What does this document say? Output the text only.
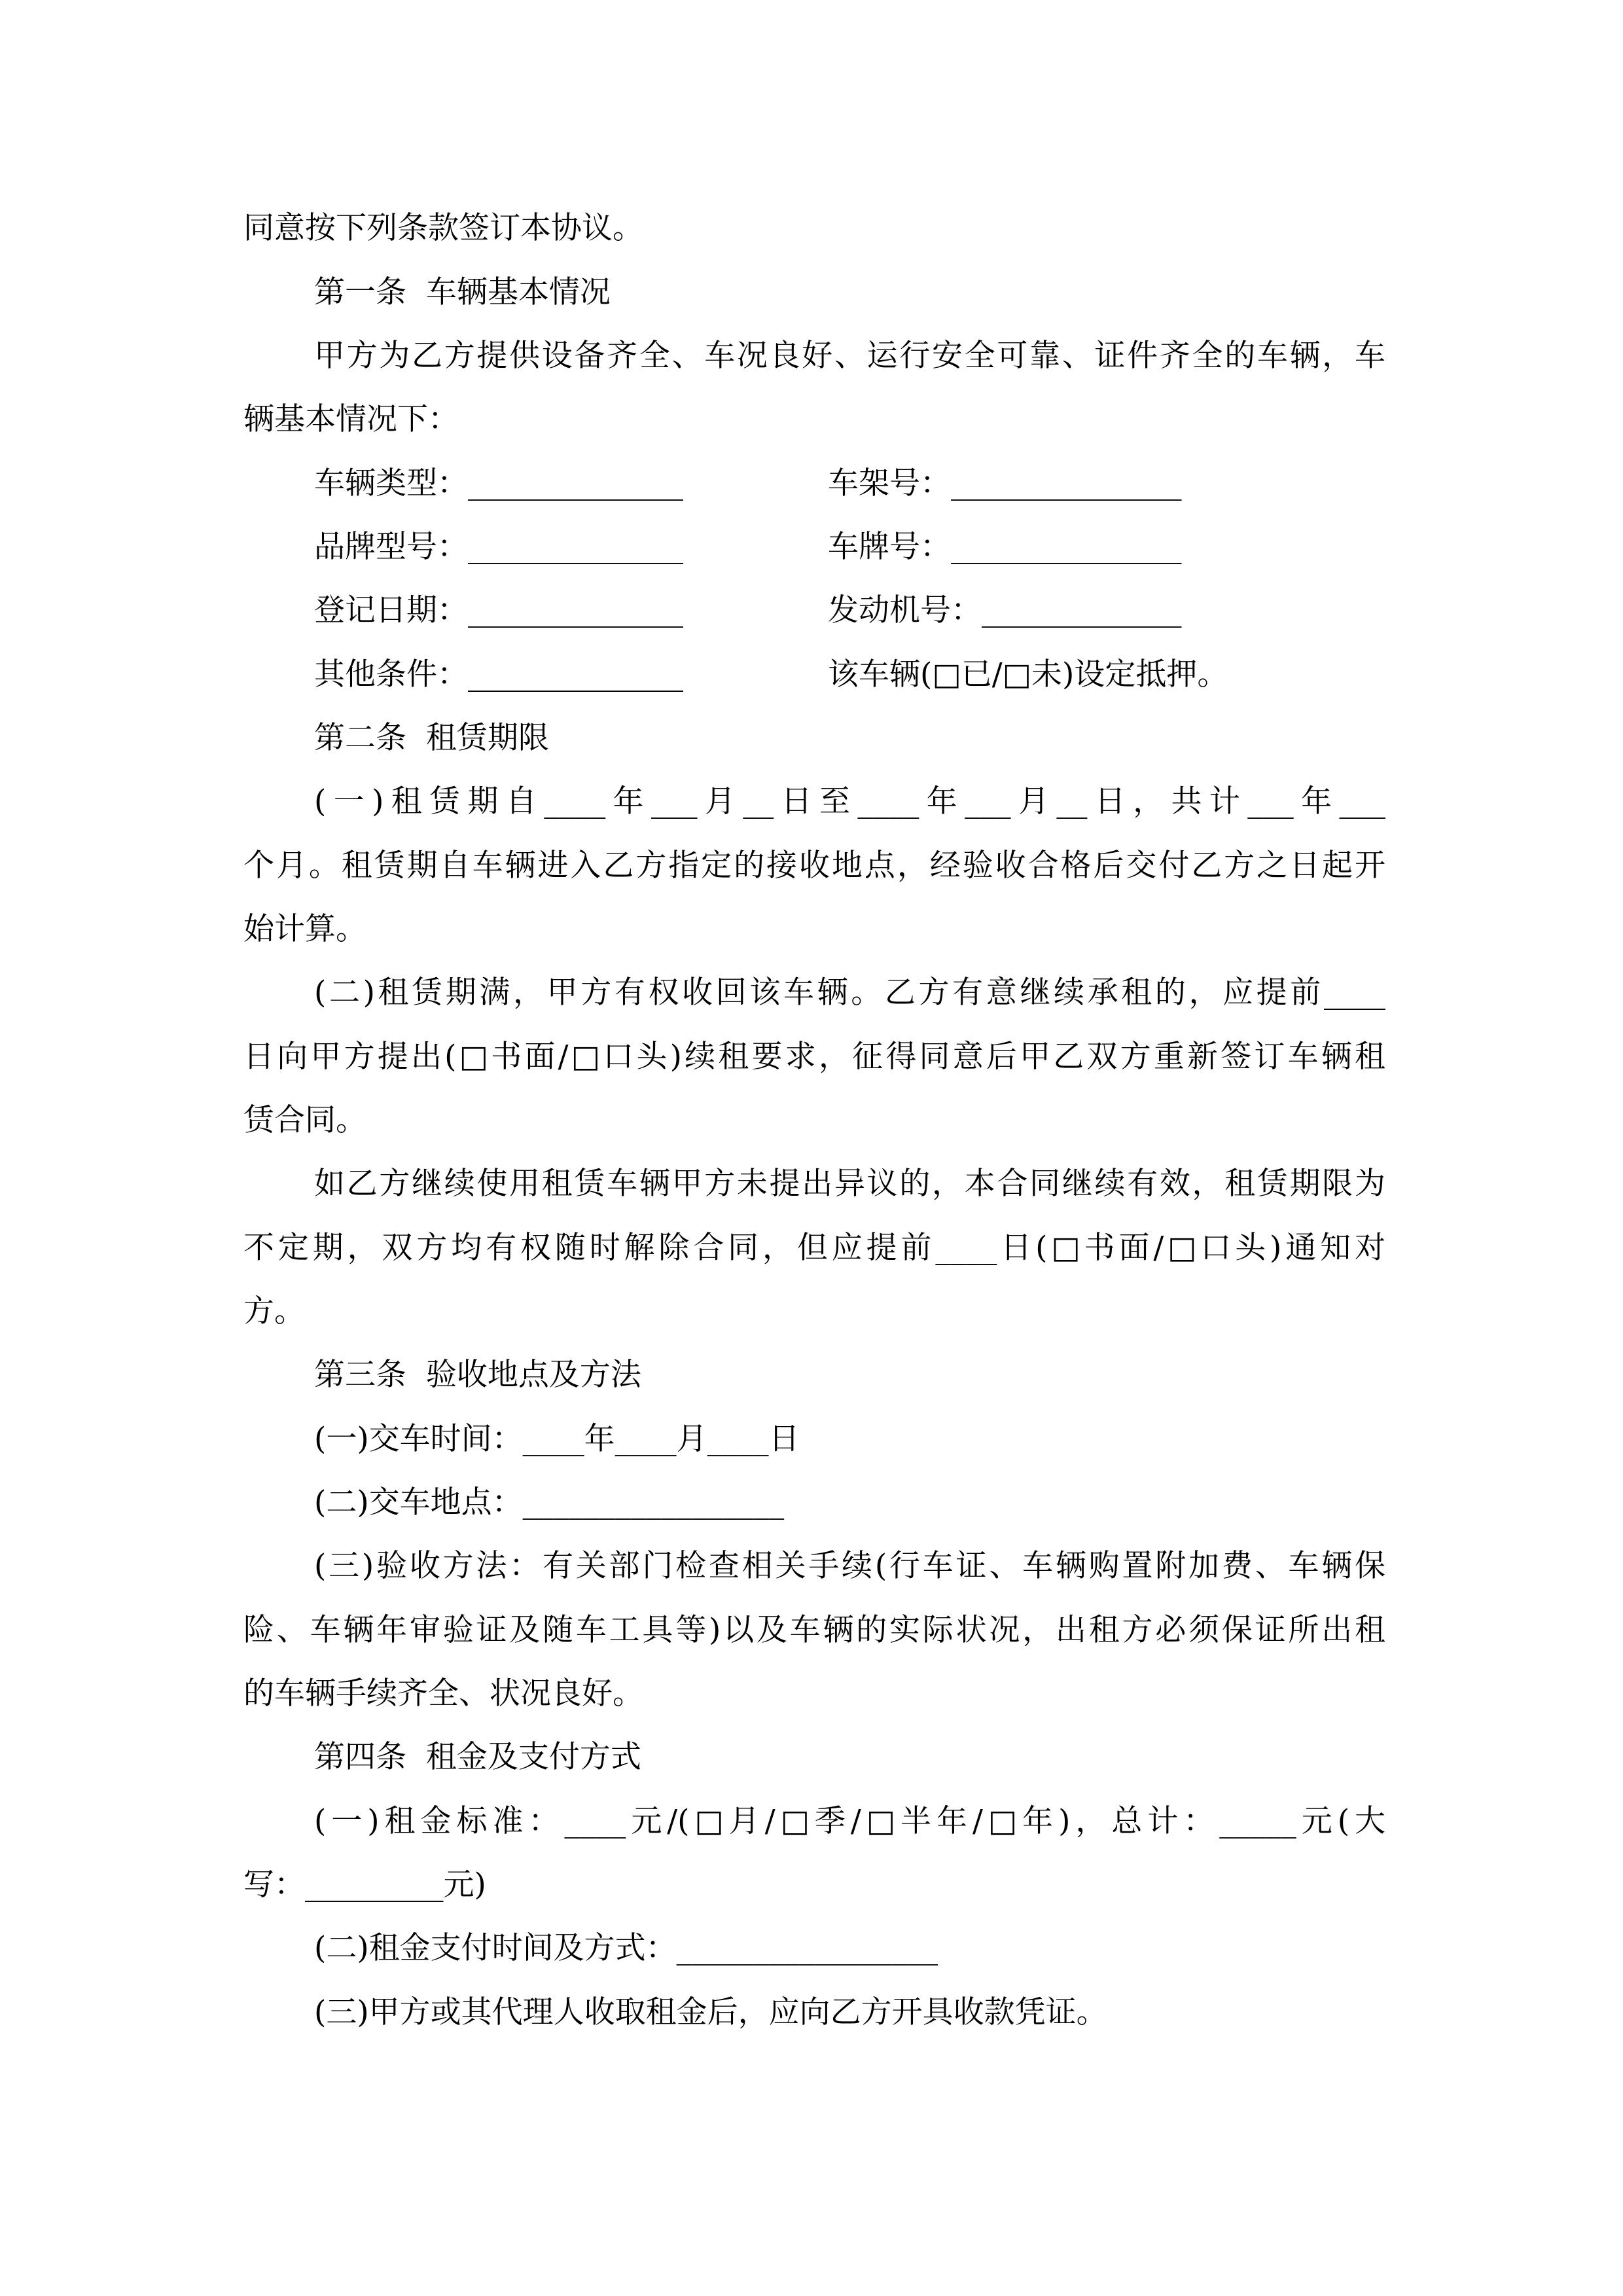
同意按下列条款签订本协议。
第一条  车辆基本情况
甲方为乙方提供设备齐全、车况良好、运行安全可靠、证件齐全的车辆，车
辆基本情况下：
车辆类型：______________	车架号：_______________
品牌型号：______________	车牌号：_______________
登记日期：______________	发动机号：_____________
其他条件：______________	该车辆(□已/□未)设定抵押。
第二条  租赁期限
(一)租赁期自____年___月__日至____年___月__日，共计___年___
个月。租赁期自车辆进入乙方指定的接收地点，经验收合格后交付乙方之日起开
始计算。
(二)租赁期满，甲方有权收回该车辆。乙方有意继续承租的，应提前____
日向甲方提出(□书面/□口头)续租要求，征得同意后甲乙双方重新签订车辆租
赁合同。
如乙方继续使用租赁车辆甲方未提出异议的，本合同继续有效，租赁期限为
不定期，双方均有权随时解除合同，但应提前____日(□书面/□口头)通知对
方。
第三条  验收地点及方法
(一)交车时间：____年____月____日
(二)交车地点：_________________
(三)验收方法：有关部门检查相关手续(行车证、车辆购置附加费、车辆保
险、车辆年审验证及随车工具等)以及车辆的实际状况，出租方必须保证所出租
的车辆手续齐全、状况良好。
第四条  租金及支付方式
(一)租金标准：____元/(□月/□季/□半年/□年)，总计：_____元(大
写：_________元)
(二)租金支付时间及方式：_________________
(三)甲方或其代理人收取租金后，应向乙方开具收款凭证。
